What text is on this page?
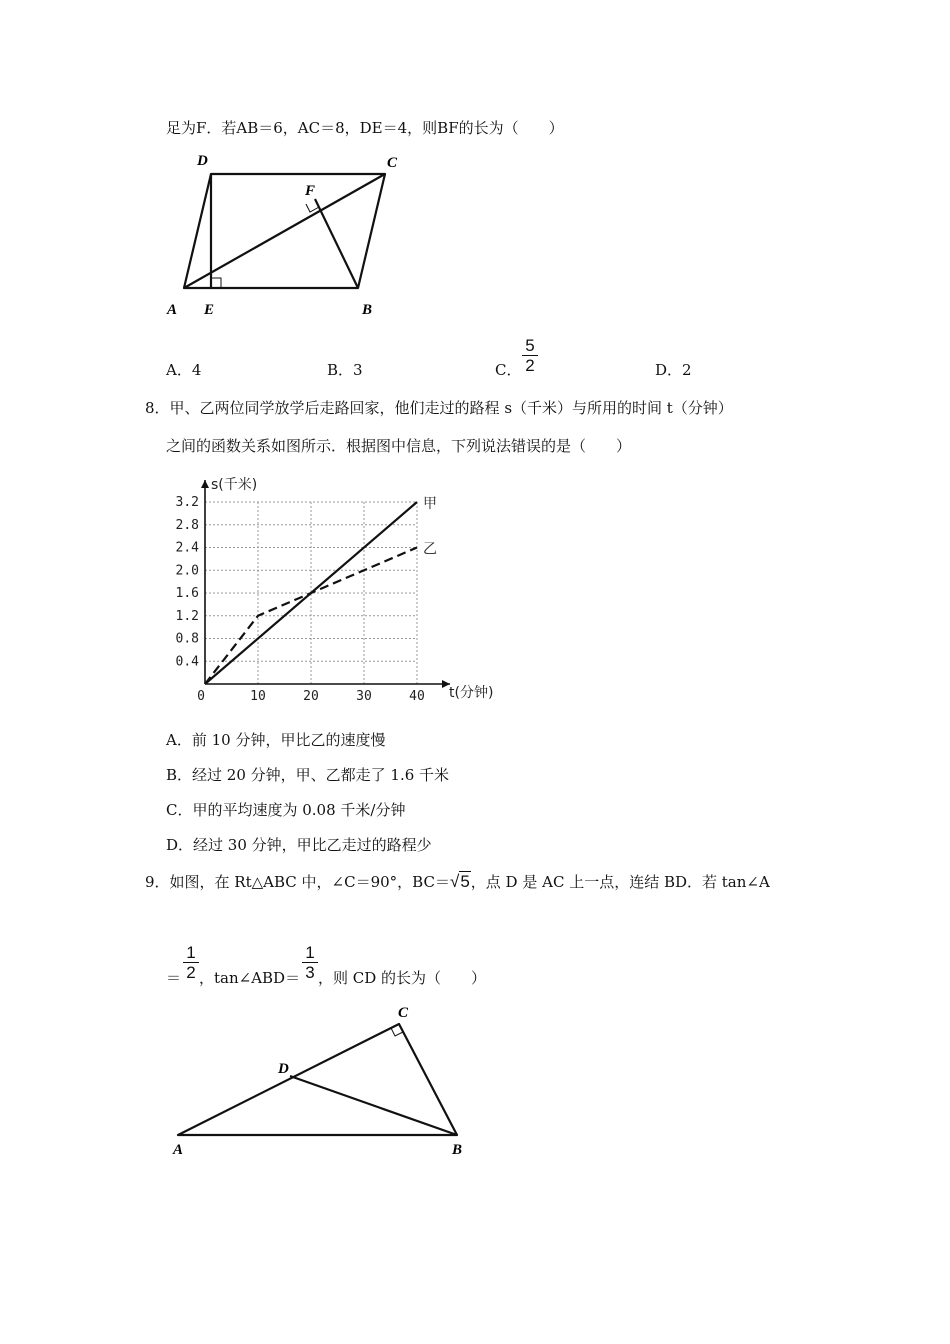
足为F．若AB＝6，AC＝8，DE＝4，则BF的长为（　　）
D	C
F
A E	B
A．4	B．3	C．
5
2	D．2
8．甲、乙两位同学放学后走路回家，他们走过的路程 s（千米）与所用的时间 t（分钟）
之间的函数关系如图所示．根据图中信息，下列说法错误的是（　　）
0.4
0.8
1.2
1.6
2.0
2.4
2.8
3.2
10	20	30	40
0
甲
乙
s(千米)
t(分钟)
A．前 10 分钟，甲比乙的速度慢
B．经过 20 分钟，甲、乙都走了 1.6 千米
C．甲的平均速度为 0.08 千米/分钟
D．经过 30 分钟，甲比乙走过的路程少
9．如图，在 Rt△ABC 中，∠C＝90°，BC＝√5，点 D 是 AC 上一点，连结 BD．若 tan∠A
＝
1
2 ，tan∠ABD＝
1
3 ，则 CD 的长为（　　）
C
D
A	B
